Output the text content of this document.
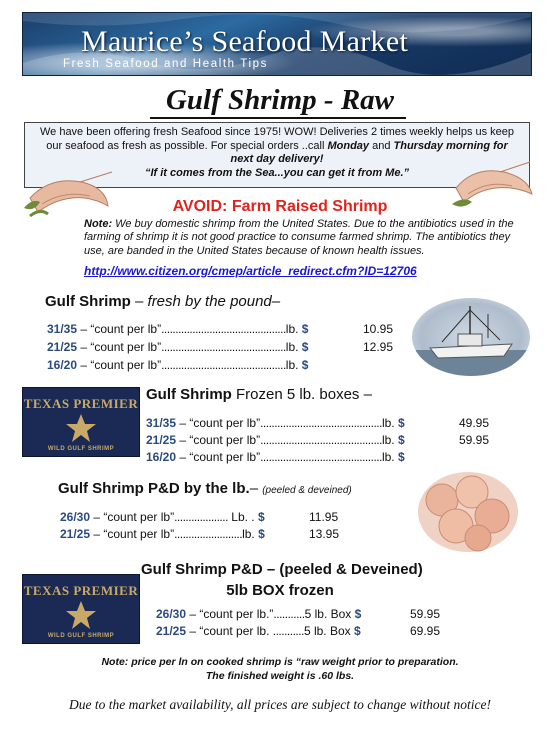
Maurice’s Seafood Market
Fresh Seafood and Health Tips
Gulf Shrimp - Raw
We have been offering fresh Seafood since 1975! WOW! Deliveries 2 times weekly helps us keep
our seafood as fresh as possible. For special orders ..call Monday and Thursday morning for
next day delivery!
“If it comes from the Sea...you can get it from Me.”
AVOID: Farm Raised Shrimp
Note: We buy domestic shrimp from the United States. Due to the antibiotics used in the farming of shrimp it is not good practice to consume farmed shrimp. The antibiotics they use, are banded in the United States because of known health issues.
http://www.citizen.org/cmep/article_redirect.cfm?ID=12706
Gulf Shrimp – fresh by the pound–
31/35 – “count per lb”............................................lb. $	10.95
21/25 – “count per lb”............................................lb. $	12.95
16/20 – “count per lb”............................................lb. $
TEXAS PREMIER
WILD GULF SHRIMP
Gulf Shrimp Frozen 5 lb. boxes –
31/35 – “count per lb”...........................................lb. $	49.95
21/25 – “count per lb”...........................................lb. $	59.95
16/20 – “count per lb”...........................................lb. $
Gulf Shrimp P&D by the lb.– (peeled & deveined)
26/30 – “count per lb”................... Lb. . $	11.95
21/25 – “count per lb”........................lb. $	13.95
Gulf Shrimp P&D – (peeled & Deveined)
5lb BOX frozen
TEXAS PREMIER
WILD GULF SHRIMP
26/30 – “count per lb.”...........5 lb. Box $	59.95
21/25 – “count per lb. ...........5 lb. Box $	69.95
Note: price per ln on cooked shrimp is “raw weight prior to preparation.
The finished weight is .60 lbs.
Due to the market availability, all prices are subject to change without notice!
